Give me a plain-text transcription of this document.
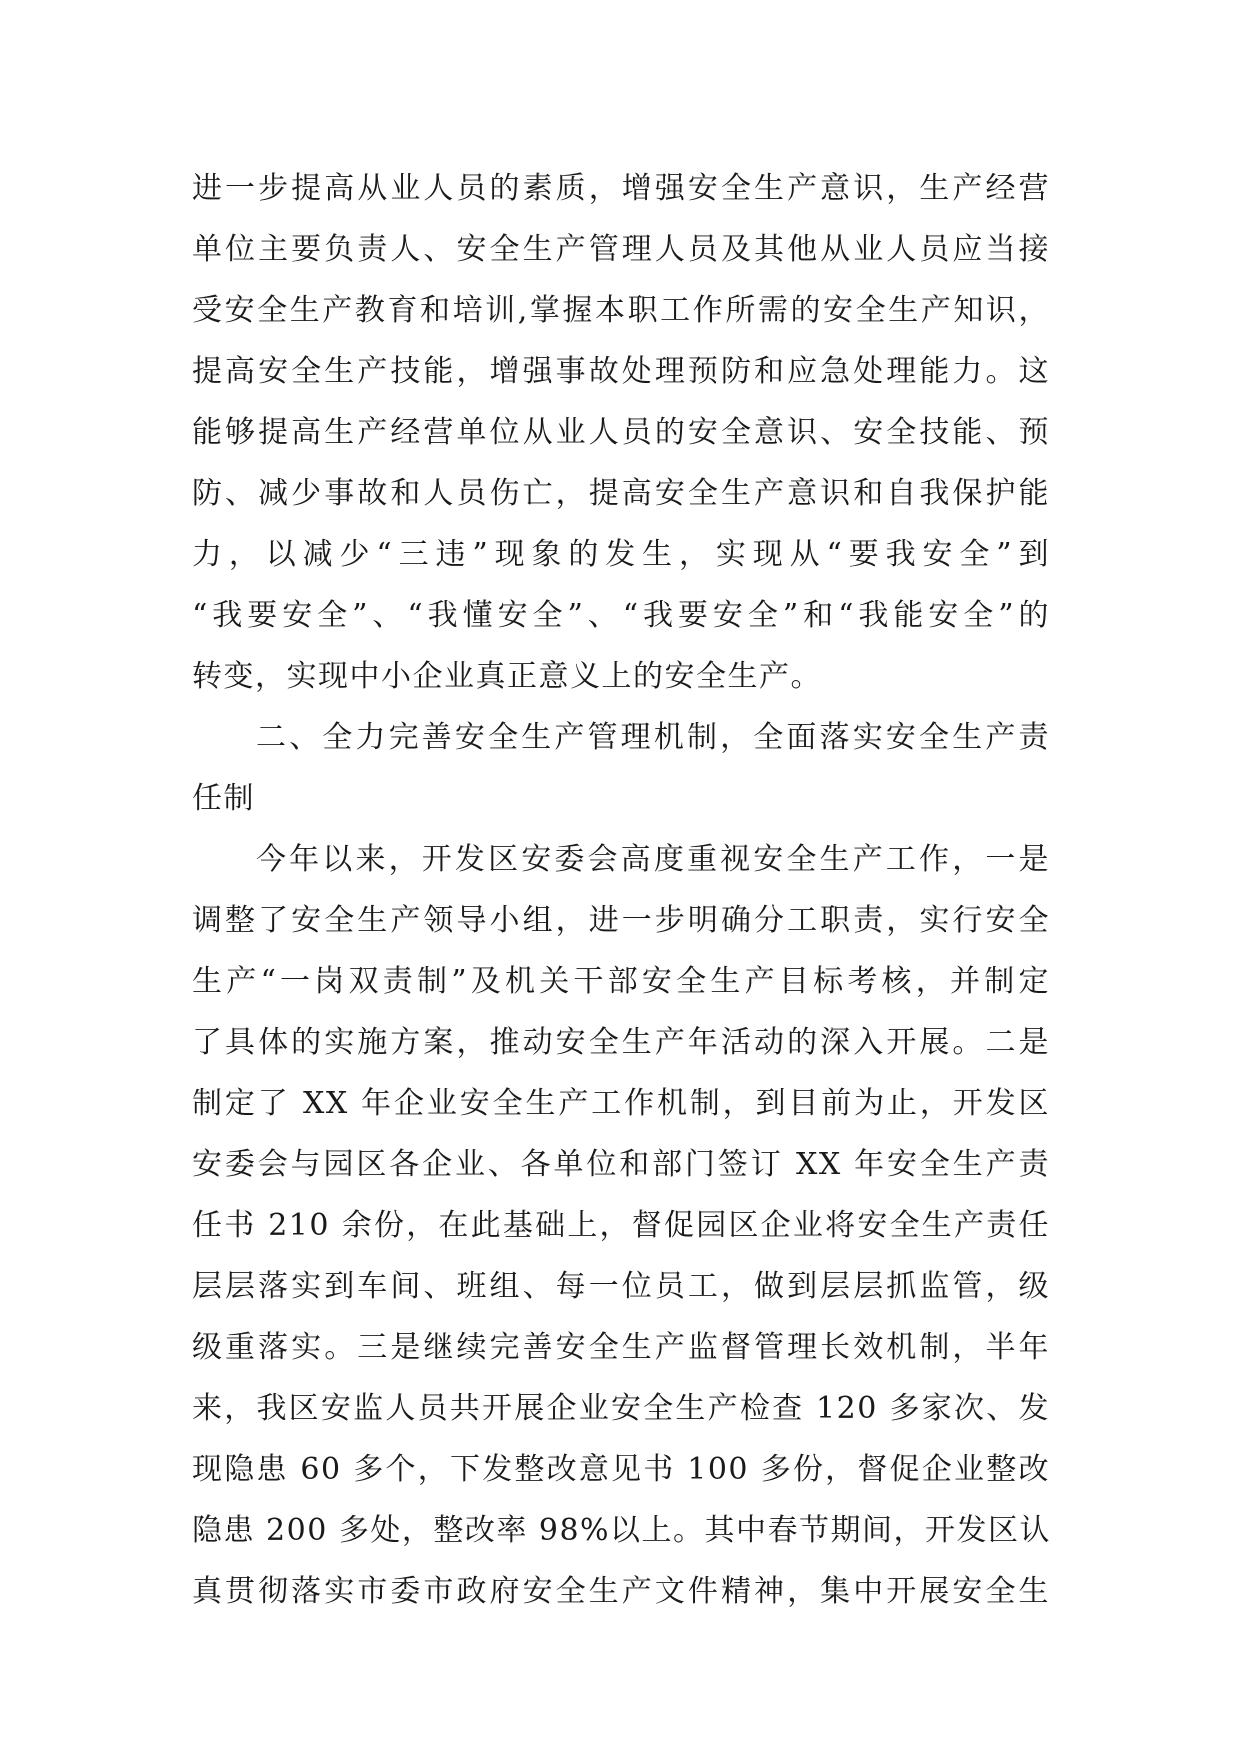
进一步提高从业人员的素质，增强安全生产意识，生产经营
单位主要负责人、安全生产管理人员及其他从业人员应当接
受安全生产教育和培训,掌握本职工作所需的安全生产知识，
提高安全生产技能，增强事故处理预防和应急处理能力。这
能够提高生产经营单位从业人员的安全意识、安全技能、预
防、减少事故和人员伤亡，提高安全生产意识和自我保护能
力，以减少“三违”现象的发生，实现从“要我安全”到
“我要安全”、“我懂安全”、“我要安全”和“我能安全”的
转变，实现中小企业真正意义上的安全生产。
二、全力完善安全生产管理机制，全面落实安全生产责
任制
今年以来，开发区安委会高度重视安全生产工作，一是
调整了安全生产领导小组，进一步明确分工职责，实行安全
生产“一岗双责制”及机关干部安全生产目标考核，并制定
了具体的实施方案，推动安全生产年活动的深入开展。二是
制定了 XX 年企业安全生产工作机制，到目前为止，开发区
安委会与园区各企业、各单位和部门签订 XX 年安全生产责
任书 210 余份，在此基础上，督促园区企业将安全生产责任
层层落实到车间、班组、每一位员工，做到层层抓监管，级
级重落实。三是继续完善安全生产监督管理长效机制，半年
来，我区安监人员共开展企业安全生产检查 120 多家次、发
现隐患 60 多个，下发整改意见书 100 多份，督促企业整改
隐患 200 多处，整改率 98%以上。其中春节期间，开发区认
真贯彻落实市委市政府安全生产文件精神，集中开展安全生
